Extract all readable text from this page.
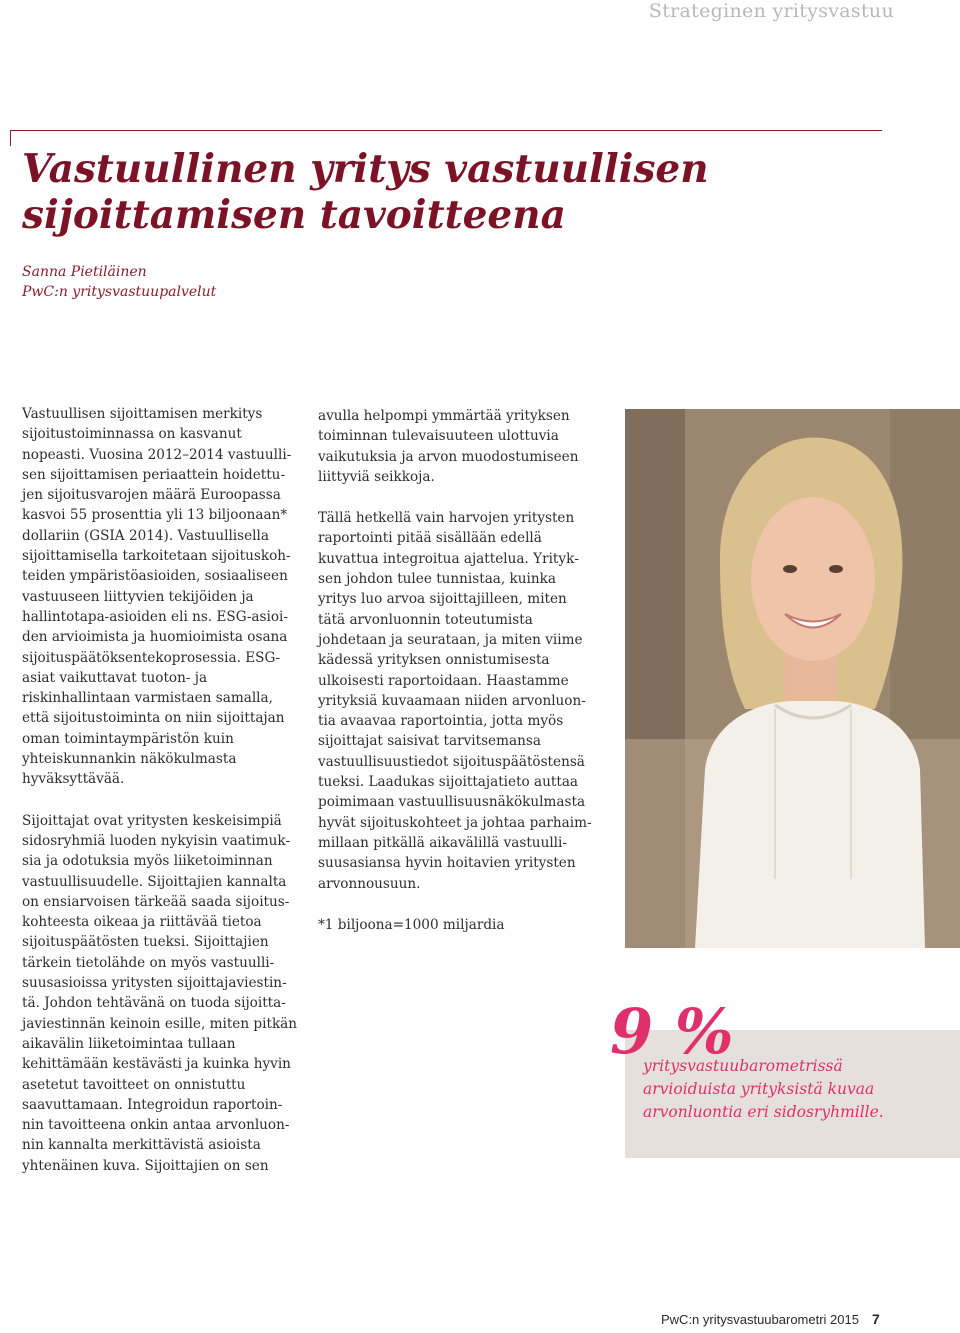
Strateginen yritysvastuu
Vastuullinen yritys vastuullisen sijoittamisen tavoitteena
Sanna Pietiläinen
PwC:n yritysvastuupalvelut

Vastuullisen sijoittamisen merkitys sijoitustoiminnassa on kasvanut nopeasti. Vuosina 2012–2014 vastuullisen sijoittamisen periaattein hoidettujen sijoitusvarojen määrä Euroopassa kasvoi 55 prosenttia yli 13 biljoonaan* dollariin (GSIA 2014). Vastuullisella sijoittamisella tarkoitetaan sijoituskohteiden ympäristöasioiden, sosiaaliseen vastuuseen liittyvien tekijöiden ja hallintotapa-asioiden eli ns. ESG-asioiden arvioimista ja huomioimista osana sijoituspäätöksentekoprosessia. ESG-asiat vaikuttavat tuoton- ja riskinhallintaan varmistaen samalla, että sijoitustoiminta on niin sijoittajan oman toimintaympäristön kuin yhteiskunnankin näkökulmasta hyväksyttävää.

Sijoittajat ovat yritysten keskeisimpiä sidosryhmiä luoden nykyisin vaatimuksia ja odotuksia myös liiketoiminnan vastuullisuudelle. Sijoittajien kannalta on ensiarvoisen tärkeää saada sijoituskohteesta oikeaa ja riittävää tietoa sijoituspäätösten tueksi. Sijoittajien tärkein tietolähde on myös vastuullisuusasioissa yritysten sijoittajaviestintä. Johdon tehtävänä on tuoda sijoittajaviestinnän keinoin esille, miten pitkän aikavälin liiketoimintaa tullaan kehittämään kestävästi ja kuinka hyvin asetetut tavoitteet on onnistuttu saavuttamaan. Integroidun raportoinnin tavoitteena onkin antaa arvonluonnin kannalta merkittävistä asioista yhtenäinen kuva. Sijoittajien on sen

avulla helpompi ymmärtää yrityksen toiminnan tulevaisuuteen ulottuvia vaikutuksia ja arvon muodostumiseen liittyviä seikkoja.

Tällä hetkellä vain harvojen yritysten raportointi pitää sisällään edellä kuvattua integroitua ajattelua. Yrityksen johdon tulee tunnistaa, kuinka yritys luo arvoa sijoittajilleen, miten tätä arvonluonnin toteutumista johdetaan ja seurataan, ja miten viime kädessä yrityksen onnistumisesta ulkoisesti raportoidaan. Haastamme yrityksiä kuvaamaan niiden arvonluontia avaavaa raportointia, jotta myös sijoittajat saisivat tarvitsemansa vastuullisuustiedot sijoituspäätöstensä tueksi. Laadukas sijoittajatieto auttaa poimimaan vastuullisuusnäkökulmasta hyvät sijoituskohteet ja johtaa parhaimmillaan pitkällä aikavälillä vastuullisuusasiansa hyvin hoitavien yritysten arvonnousuun.

*1 biljoona=1000 miljardia

9 %
yritysvastuubarometrissä
arvioiduista yrityksistä kuvaa
arvonluontia eri sidosryhmille.
PwC:n yritysvastuubarometri 2015 7
